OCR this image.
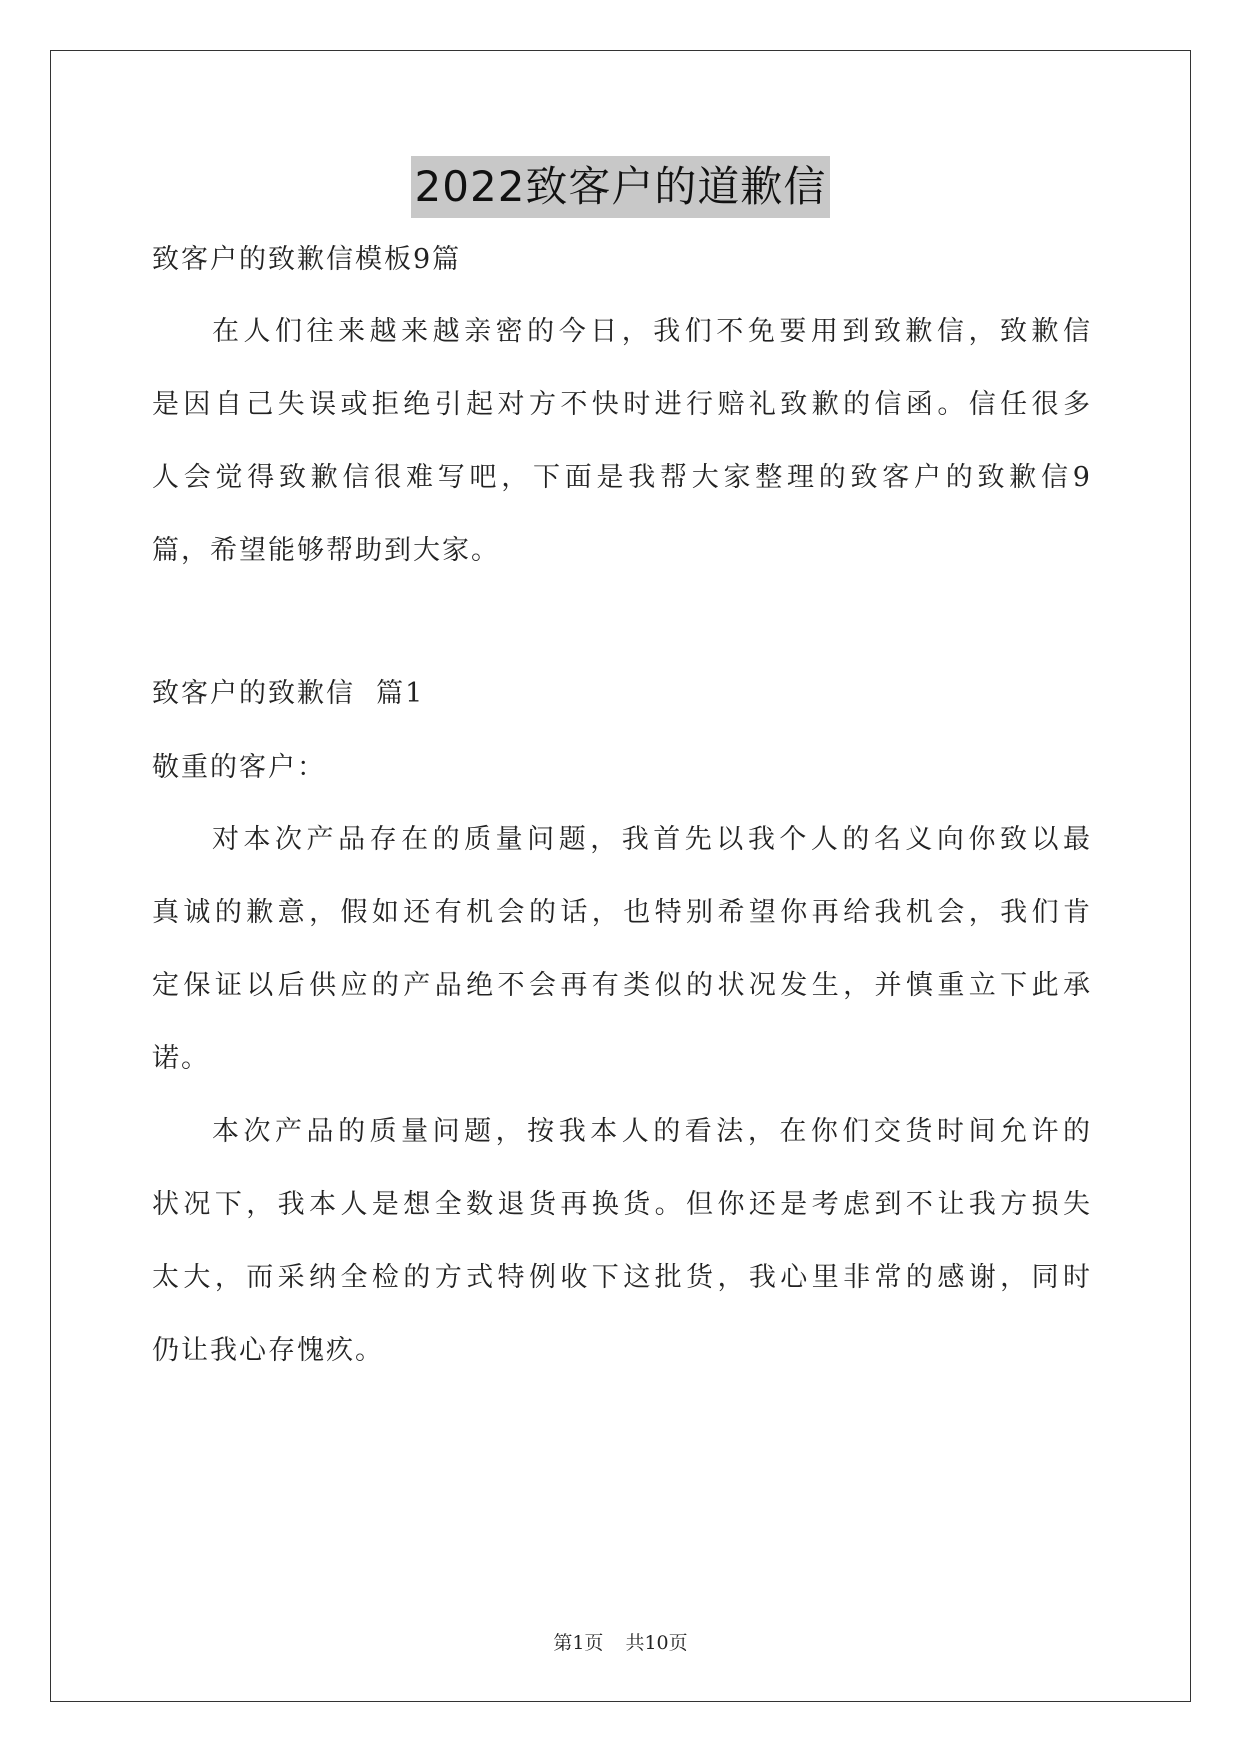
2022致客户的道歉信
致客户的致歉信模板9篇
在人们往来越来越亲密的今日，我们不免要用到致歉信，致歉信
是因自己失误或拒绝引起对方不快时进行赔礼致歉的信函。信任很多
人会觉得致歉信很难写吧，下面是我帮大家整理的致客户的致歉信9
篇，希望能够帮助到大家。
致客户的致歉信  篇1
敬重的客户：
对本次产品存在的质量问题，我首先以我个人的名义向你致以最
真诚的歉意，假如还有机会的话，也特别希望你再给我机会，我们肯
定保证以后供应的产品绝不会再有类似的状况发生，并慎重立下此承
诺。
本次产品的质量问题，按我本人的看法，在你们交货时间允许的
状况下，我本人是想全数退货再换货。但你还是考虑到不让我方损失
太大，而采纳全检的方式特例收下这批货，我心里非常的感谢，同时
仍让我心存愧疚。
第1页 共10页
